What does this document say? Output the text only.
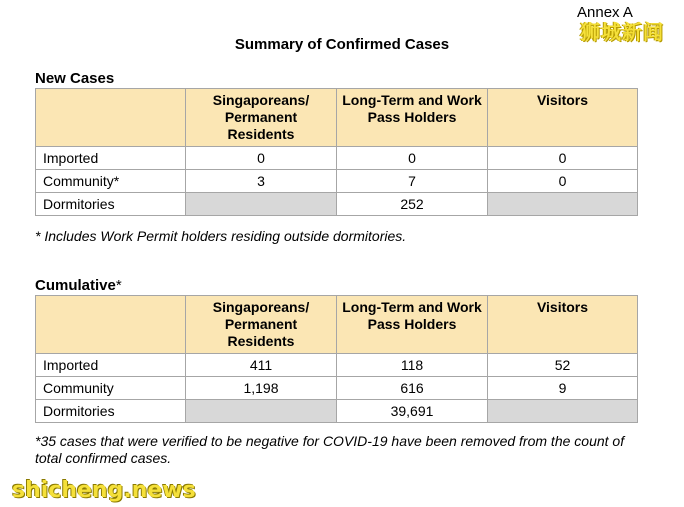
Annex A
狮城新闻
Summary of Confirmed Cases
New Cases
	Singaporeans/ Permanent Residents	Long-Term and Work Pass Holders	Visitors
Imported	0	0	0
Community*	3	7	0
Dormitories		252	
* Includes Work Permit holders residing outside dormitories.
Cumulative*
	Singaporeans/ Permanent Residents	Long-Term and Work Pass Holders	Visitors
Imported	411	118	52
Community	1,198	616	9
Dormitories		39,691	
*35 cases that were verified to be negative for COVID-19 have been removed from the count of total confirmed cases.
shicheng.news
